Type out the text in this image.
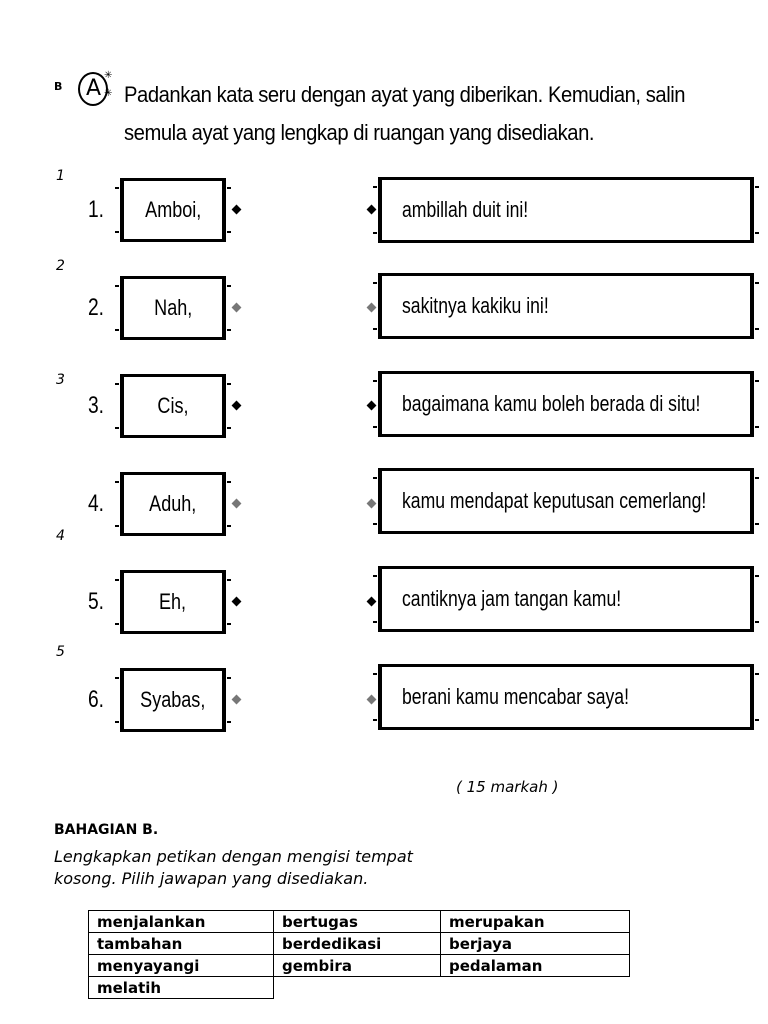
B A
✳
✳ Padankan kata seru dengan ayat yang diberikan. Kemudian, salin
semula ayat yang lengkap di ruangan yang disediakan.
1
2
3
4
5
1. Amboi,	ambillah duit ini!
2. Nah,	sakitnya kakiku ini!
3. Cis,	bagaimana kamu boleh berada di situ!
4. Aduh,	kamu mendapat keputusan cemerlang!
5.	Eh,	cantiknya jam tangan kamu!
6. Syabas,	berani kamu mencabar saya!
( 15 markah )
BAHAGIAN B.
Lengkapkan petikan dengan mengisi tempat
kosong. Pilih jawapan yang disediakan.
menjalankan	bertugas	merupakan
tambahan	berdedikasi	berjaya
menyayangi	gembira	pedalaman
melatih		
